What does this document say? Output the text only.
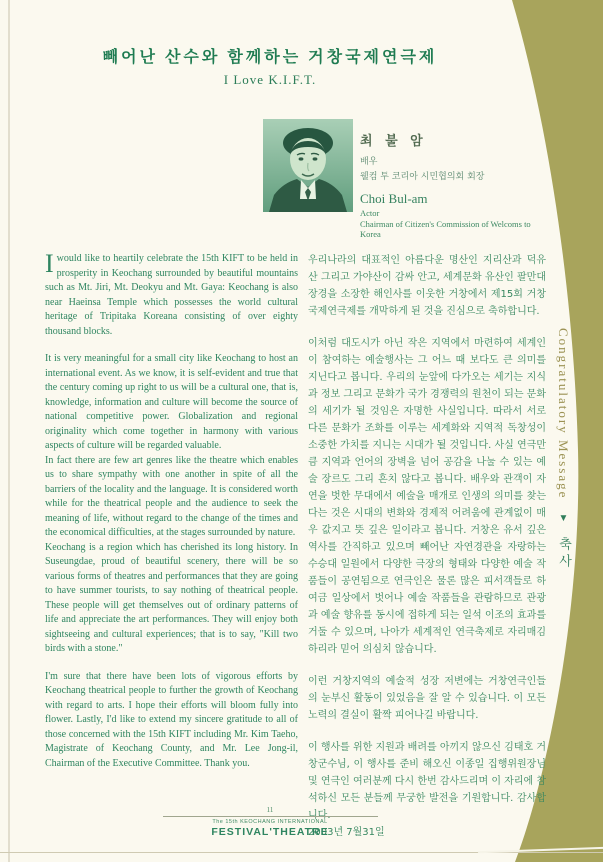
빼어난 산수와 함께하는 거창국제연극제
I Love K.I.F.T.
최 불 암
배우
웰컴 투 코리아 시민협의회 회장
Choi Bul-am
Actor
Chairman of Citizen's Commission of Welcoms to Korea

Iwould like to heartily celebrate the 15th KIFT to be held in prosperity in Keochang surrounded by beautiful mountains such as Mt. Jiri, Mt. Deokyu and Mt. Gaya: Keochang is also near Haeinsa Temple which possesses the world cultural heritage of Tripitaka Koreana consisting of over eighty thousand blocks.

It is very meaningful for a small city like Keochang to host an international event. As we know, it is self-evident and true that the century coming up right to us will be a cultural one, that is, knowledge, information and culture will become the source of national competitive power. Globalization and regional originality which come together in harmony with various aspects of culture will be regarded valuable.

In fact there are few art genres like the theatre which enables us to share sympathy with one another in spite of all the barriers of the locality and the language. It is considered worth while for the theatrical people and the audience to seek the meaning of life, without regard to the change of the times and the economical difficulties, at the stages surrounded by nature.

Keochang is a region which has cherished its long history. In Suseungdae, proud of beautiful scenery, there will be so various forms of theatres and performances that they are going to have summer tourists, to say nothing of theatrical people. These people will get themselves out of ordinary patterns of life and appreciate the art performances. They will enjoy both sightseeing and cultural experiences; that is to say, "Kill two birds with a stone."

I'm sure that there have been lots of vigorous efforts by Keochang theatrical people to further the growth of Keochang with regard to arts. I hope their efforts will bloom fully into flower. Lastly, I'd like to extend my sincere gratitude to all of those concerned with the 15th KIFT including Mr. Kim Taeho, Magistrate of Keochang County, and Mr. Lee Jong-il, Chairman of the Executive Committee. Thank you.

우리나라의 대표적인 아름다운 명산인 지리산과 덕유산 그리고 가야산이 감싸 안고, 세계문화 유산인 팔만대장경을 소장한 해인사를 이웃한 거창에서 제15회 거창국제연극제를 개막하게 된 것을 진심으로 축하합니다.

이처럼 대도시가 아닌 작은 지역에서 마련하여 세계인이 참여하는 예술행사는 그 어느 때 보다도 큰 의미를 지닌다고 봅니다. 우리의 눈앞에 다가오는 세기는 지식과 정보 그리고 문화가 국가 경쟁력의 원천이 되는 문화의 세기가 될 것임은 자명한 사실입니다. 따라서 서로 다른 문화가 조화를 이루는 세계화와 지역적 독창성이 소중한 가치를 지니는 시대가 될 것입니다. 사실 연극만큼 지역과 언어의 장벽을 넘어 공감을 나눌 수 있는 예술 장르도 그리 흔치 않다고 봅니다. 배우와 관객이 자연을 벗한 무대에서 예술을 매개로 인생의 의미를 찾는다는 것은 시대의 변화와 경제적 어려움에 관계없이 매우 값지고 뜻 깊은 일이라고 봅니다. 거창은 유서 깊은 역사를 간직하고 있으며 빼어난 자연경관을 자랑하는 수승대 일원에서 다양한 극장의 형태와 다양한 예술 작품들이 공연됨으로 연극인은 물론 많은 피서객들로 하여금 일상에서 벗어나 예술 작품들을 관람하므로 관광과 예술 향유를 동시에 접하게 되는 일석 이조의 효과를 거둘 수 있으며, 나아가 세계적인 연극축제로 자리매김하리라 믿어 의심치 않습니다.

이런 거창지역의 예술적 성장 저변에는 거창연극인들의 눈부신 활동이 있었음을 잘 알 수 있습니다. 이 모든 노력의 결실이 활짝 피어나길 바랍니다.

이 행사를 위한 지원과 배려를 아끼지 않으신 김태호 거창군수님, 이 행사를 준비 해오신 이종일 집행위원장님 및 연극인 여러분께 다시 한번 감사드리며 이 자리에 참석하신 모든 분들께 무궁한 발전을 기원합니다. 감사합니다.

2003년 7월31일

Congratulatory Message ▼ 축사
11
The 15th KEOCHANG INTERNATIONAL
FESTIVAL'THEATRE
